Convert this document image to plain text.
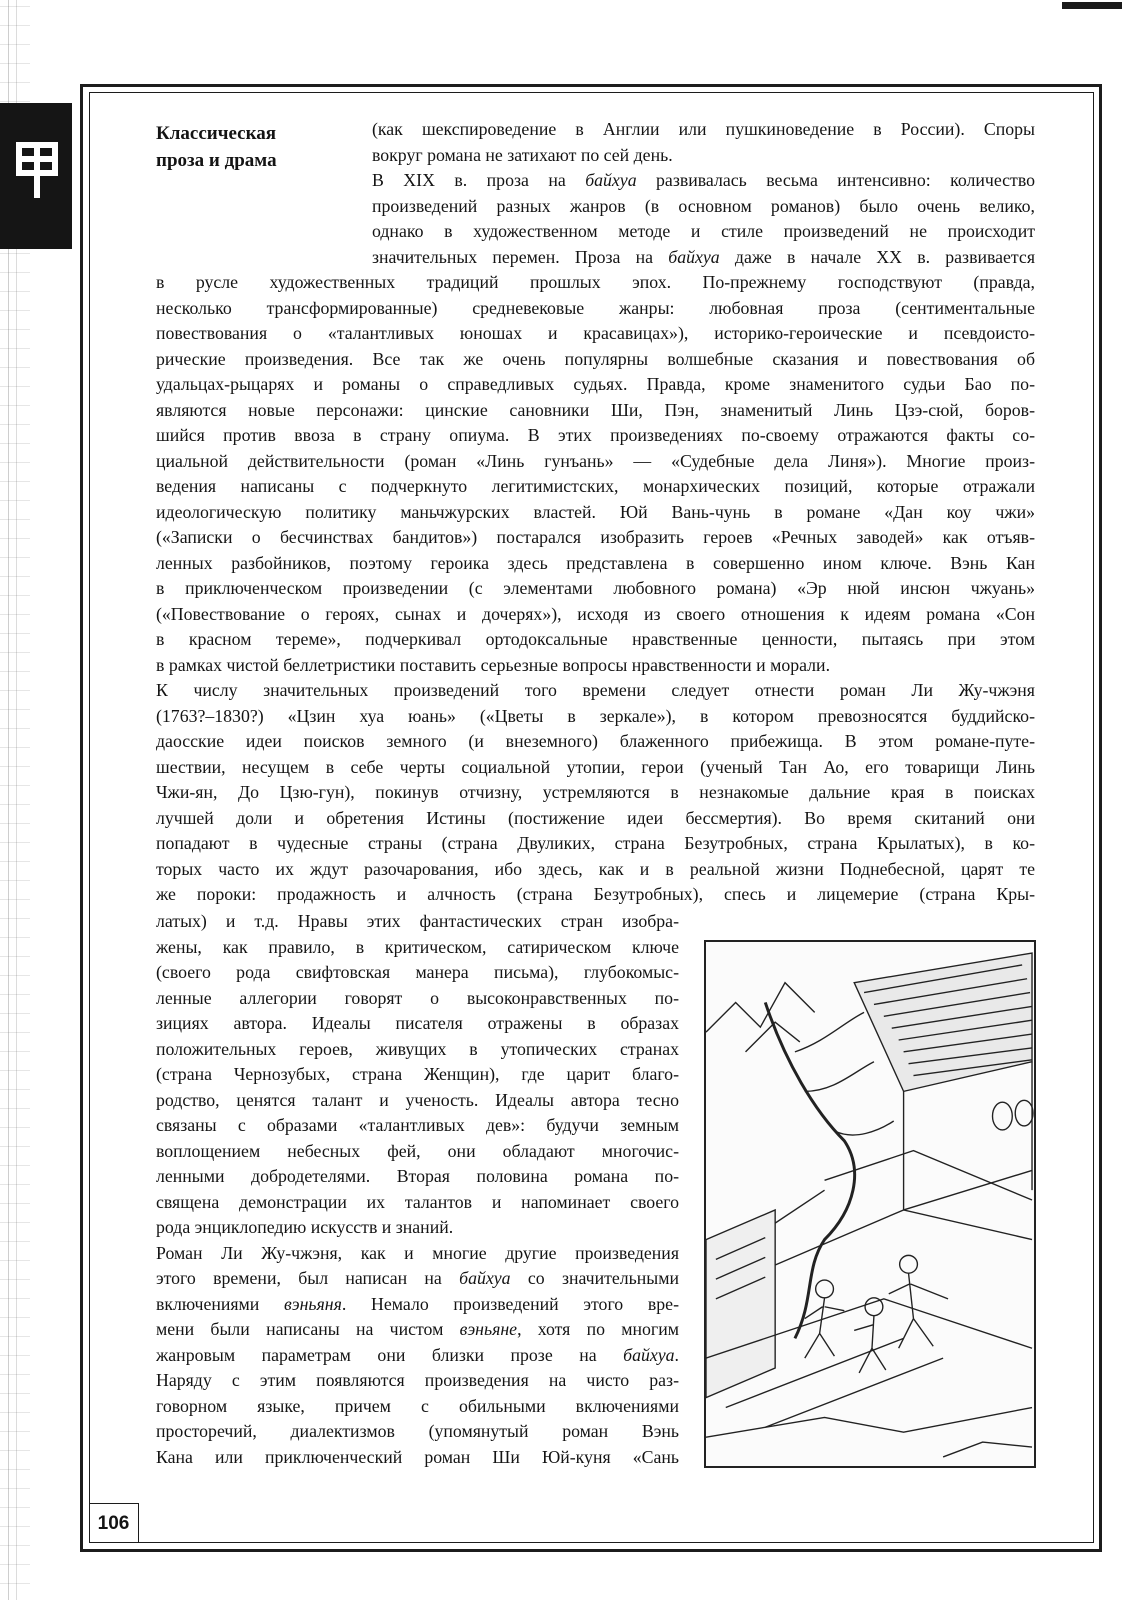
106
Классическая
проза и драма
(как шекспироведение в Англии или пушкиноведение в России). Споры
вокруг романа не затихают по сей день.
В XIX в. проза на байхуа развивалась весьма интенсивно: количество
произведений разных жанров (в основном романов) было очень велико,
однако в художественном методе и стиле произведений не происходит
значительных перемен. Проза на байхуа даже в начале XX в. развивается
в русле художественных традиций прошлых эпох. По-прежнему господствуют (правда,
несколько трансформированные) средневековые жанры: любовная проза (сентиментальные
повествования о «талантливых юношах и красавицах»), историко-героические и псевдоисто-
рические произведения. Все так же очень популярны волшебные сказания и повествования об
удальцах-рыцарях и романы о справедливых судьях. Правда, кроме знаменитого судьи Бао по-
являются новые персонажи: цинские сановники Ши, Пэн, знаменитый Линь Цзэ-сюй, боров-
шийся против ввоза в страну опиума. В этих произведениях по-своему отражаются факты со-
циальной действительности (роман «Линь гунъань» — «Судебные дела Линя»). Многие произ-
ведения написаны с подчеркнуто легитимистских, монархических позиций, которые отражали
идеологическую политику маньчжурских властей. Юй Вань-чунь в романе «Дан коу чжи»
(«Записки о бесчинствах бандитов») постарался изобразить героев «Речных заводей» как отъяв-
ленных разбойников, поэтому героика здесь представлена в совершенно ином ключе. Вэнь Кан
в приключенческом произведении (с элементами любовного романа) «Эр нюй инсюн чжуань»
(«Повествование о героях, сынах и дочерях»), исходя из своего отношения к идеям романа «Сон
в красном тереме», подчеркивал ортодоксальные нравственные ценности, пытаясь при этом
в рамках чистой беллетристики поставить серьезные вопросы нравственности и морали.
К числу значительных произведений того времени следует отнести роман Ли Жу-чжэня
(1763?–1830?) «Цзин хуа юань» («Цветы в зеркале»), в котором превозносятся буддийско-
даосские идеи поисков земного (и внеземного) блаженного прибежища. В этом романе-путе-
шествии, несущем в себе черты социальной утопии, герои (ученый Тан Ао, его товарищи Линь
Чжи-ян, До Цзю-гун), покинув отчизну, устремляются в незнакомые дальние края в поисках
лучшей доли и обретения Истины (постижение идеи бессмертия). Во время скитаний они
попадают в чудесные страны (страна Двуликих, страна Безутробных, страна Крылатых), в ко-
торых часто их ждут разочарования, ибо здесь, как и в реальной жизни Поднебесной, царят те
же пороки: продажность и алчность (страна Безутробных), спесь и лицемерие (страна Кры-
латых) и т.д. Нравы этих фантастических стран изобра-
жены, как правило, в критическом, сатирическом ключе
(своего рода свифтовская манера письма), глубокомыс-
ленные аллегории говорят о высоконравственных по-
зициях автора. Идеалы писателя отражены в образах
положительных героев, живущих в утопических странах
(страна Чернозубых, страна Женщин), где царит благо-
родство, ценятся талант и ученость. Идеалы автора тесно
связаны с образами «талантливых дев»: будучи земным
воплощением небесных фей, они обладают многочис-
ленными добродетелями. Вторая половина романа по-
священа демонстрации их талантов и напоминает своего
рода энциклопедию искусств и знаний.
Роман Ли Жу-чжэня, как и многие другие произведения
этого времени, был написан на байхуа со значительными
включениями вэньяня. Немало произведений этого вре-
мени были написаны на чистом вэньяне, хотя по многим
жанровым параметрам они близки прозе на байхуа.
Наряду с этим появляются произведения на чисто раз-
говорном языке, причем с обильными включениями
просторечий, диалектизмов (упомянутый роман Вэнь
Кана или приключенческий роман Ши Юй-куня «Сань
